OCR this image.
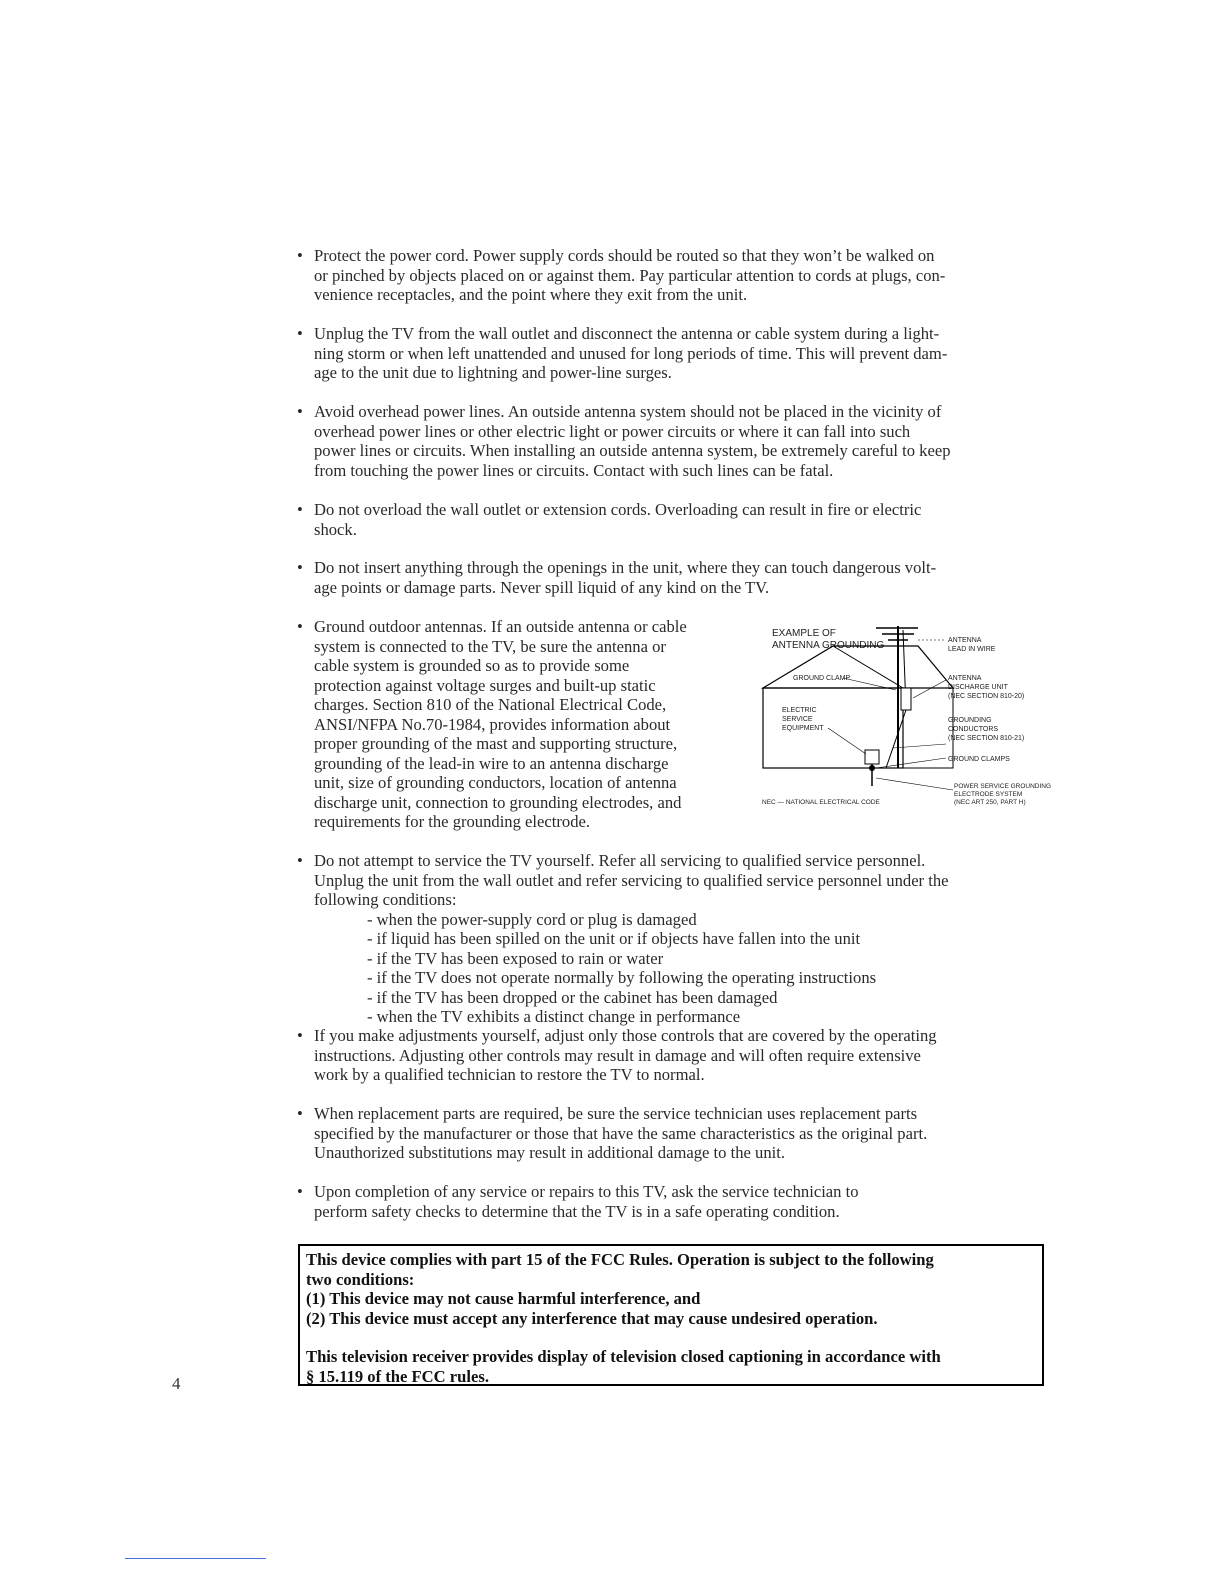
• Protect the power cord. Power supply cords should be routed so that they won’t be walked on
or pinched by objects placed on or against them. Pay particular attention to cords at plugs, con-
venience receptacles, and the point where they exit from the unit.
• Unplug the TV from the wall outlet and disconnect the antenna or cable system during a light-
ning storm or when left unattended and unused for long periods of time. This will prevent dam-
age to the unit due to lightning and power-line surges.
• Avoid overhead power lines. An outside antenna system should not be placed in the vicinity of
overhead power lines or other electric light or power circuits or where it can fall into such
power lines or circuits. When installing an outside antenna system, be extremely careful to keep
from touching the power lines or circuits. Contact with such lines can be fatal.
• Do not overload the wall outlet or extension cords. Overloading can result in fire or electric
shock.
• Do not insert anything through the openings in the unit, where they can touch dangerous volt-
age points or damage parts. Never spill liquid of any kind on the TV.
• Ground outdoor antennas. If an outside antenna or cable
system is connected to the TV, be sure the antenna or
cable system is grounded so as to provide some
protection against voltage surges and built-up static
charges. Section 810 of the National Electrical Code,
ANSI/NFPA No.70-1984, provides information about
proper grounding of the mast and supporting structure,
grounding of the lead-in wire to an antenna discharge
unit, size of grounding conductors, location of antenna
discharge unit, connection to grounding electrodes, and
requirements for the grounding electrode.
EXAMPLE OF
ANTENNA GROUNDING
GROUND CLAMP
ELECTRIC
SERVICE
EQUIPMENT
ANTENNA
LEAD IN WIRE
ANTENNA
DISCHARGE UNIT
(NEC SECTION 810-20)
GROUNDING
CONDUCTORS
(NEC SECTION 810-21)
GROUND CLAMPS
POWER SERVICE GROUNDING
ELECTRODE SYSTEM
(NEC ART 250, PART H)
NEC — NATIONAL ELECTRICAL CODE
• Do not attempt to service the TV yourself. Refer all servicing to qualified service personnel.
Unplug the unit from the wall outlet and refer servicing to qualified service personnel under the
following conditions:
- when the power-supply cord or plug is damaged
- if liquid has been spilled on the unit or if objects have fallen into the unit
- if the TV has been exposed to rain or water
- if the TV does not operate normally by following the operating instructions
- if the TV has been dropped or the cabinet has been damaged
- when the TV exhibits a distinct change in performance
• If you make adjustments yourself, adjust only those controls that are covered by the operating
instructions. Adjusting other controls may result in damage and will often require extensive
work by a qualified technician to restore the TV to normal.
• When replacement parts are required, be sure the service technician uses replacement parts
specified by the manufacturer or those that have the same characteristics as the original part.
Unauthorized substitutions may result in additional damage to the unit.
• Upon completion of any service or repairs to this TV, ask the service technician to
perform safety checks to determine that the TV is in a safe operating condition.

This device complies with part 15 of the FCC Rules. Operation is subject to the following

two conditions:

(1) This device may not cause harmful interference, and

(2) This device must accept any interference that may cause undesired operation.

This television receiver provides display of television closed captioning in accordance with

§ 15.119 of the FCC rules.

4
